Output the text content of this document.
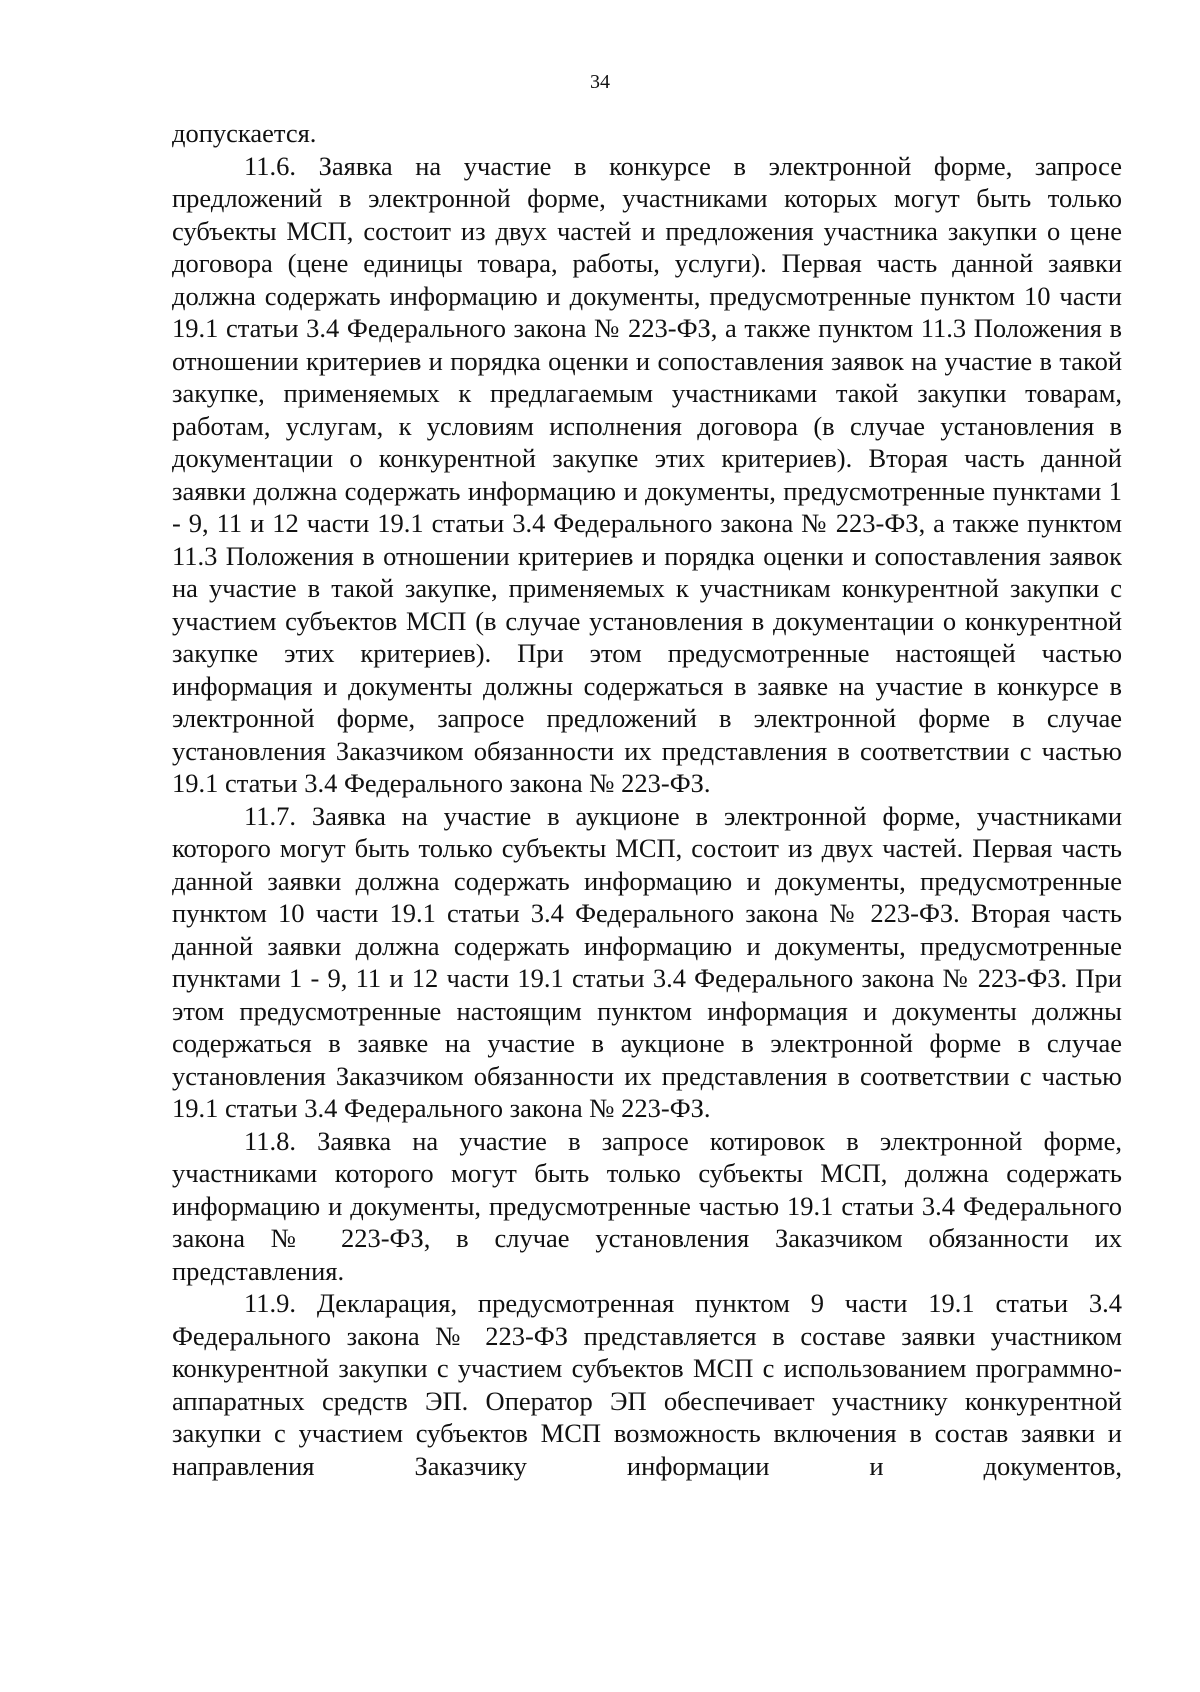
34

допускается.

11.6. Заявка на участие в конкурсе в электронной форме, запросе предложений в электронной форме, участниками которых могут быть только субъекты МСП, состоит из двух частей и предложения участника закупки о цене договора (цене единицы товара, работы, услуги). Первая часть данной заявки должна содержать информацию и документы, предусмотренные пунктом 10 части 19.1 статьи 3.4 Федерального закона № 223-ФЗ, а также пунктом 11.3 Положения в отношении критериев и порядка оценки и сопоставления заявок на участие в такой закупке, применяемых к предлагаемым участниками такой закупки товарам, работам, услугам, к условиям исполнения договора (в случае установления в документации о конкурентной закупке этих критериев). Вторая часть данной заявки должна содержать информацию и документы, предусмотренные пунктами 1 - 9, 11 и 12 части 19.1 статьи 3.4 Федерального закона № 223-ФЗ, а также пунктом 11.3 Положения в отношении критериев и порядка оценки и сопоставления заявок на участие в такой закупке, применяемых к участникам конкурентной закупки с участием субъектов МСП (в случае установления в документации о конкурентной закупке этих критериев). При этом предусмотренные настоящей частью информация и документы должны содержаться в заявке на участие в конкурсе в электронной форме, запросе предложений в электронной форме в случае установления Заказчиком обязанности их представления в соответствии с частью 19.1 статьи 3.4 Федерального закона № 223-ФЗ.

11.7. Заявка на участие в аукционе в электронной форме, участниками которого могут быть только субъекты МСП, состоит из двух частей. Первая часть данной заявки должна содержать информацию и документы, предусмотренные пунктом 10 части 19.1 статьи 3.4 Федерального закона № 223-ФЗ. Вторая часть данной заявки должна содержать информацию и документы, предусмотренные пунктами 1 - 9, 11 и 12 части 19.1 статьи 3.4 Федерального закона № 223-ФЗ. При этом предусмотренные настоящим пунктом информация и документы должны содержаться в заявке на участие в аукционе в электронной форме в случае установления Заказчиком обязанности их представления в соответствии с частью 19.1 статьи 3.4 Федерального закона № 223-ФЗ.

11.8. Заявка на участие в запросе котировок в электронной форме, участниками которого могут быть только субъекты МСП, должна содержать информацию и документы, предусмотренные частью 19.1 статьи 3.4 Федерального закона № 223-ФЗ, в случае установления Заказчиком обязанности их представления.

11.9. Декларация, предусмотренная пунктом 9 части 19.1 статьи 3.4 Федерального закона № 223-ФЗ представляется в составе заявки участником конкурентной закупки с участием субъектов МСП с использованием программно-аппаратных средств ЭП. Оператор ЭП обеспечивает участнику конкурентной закупки с участием субъектов МСП возможность включения в состав заявки и направления Заказчику информации и документов,
